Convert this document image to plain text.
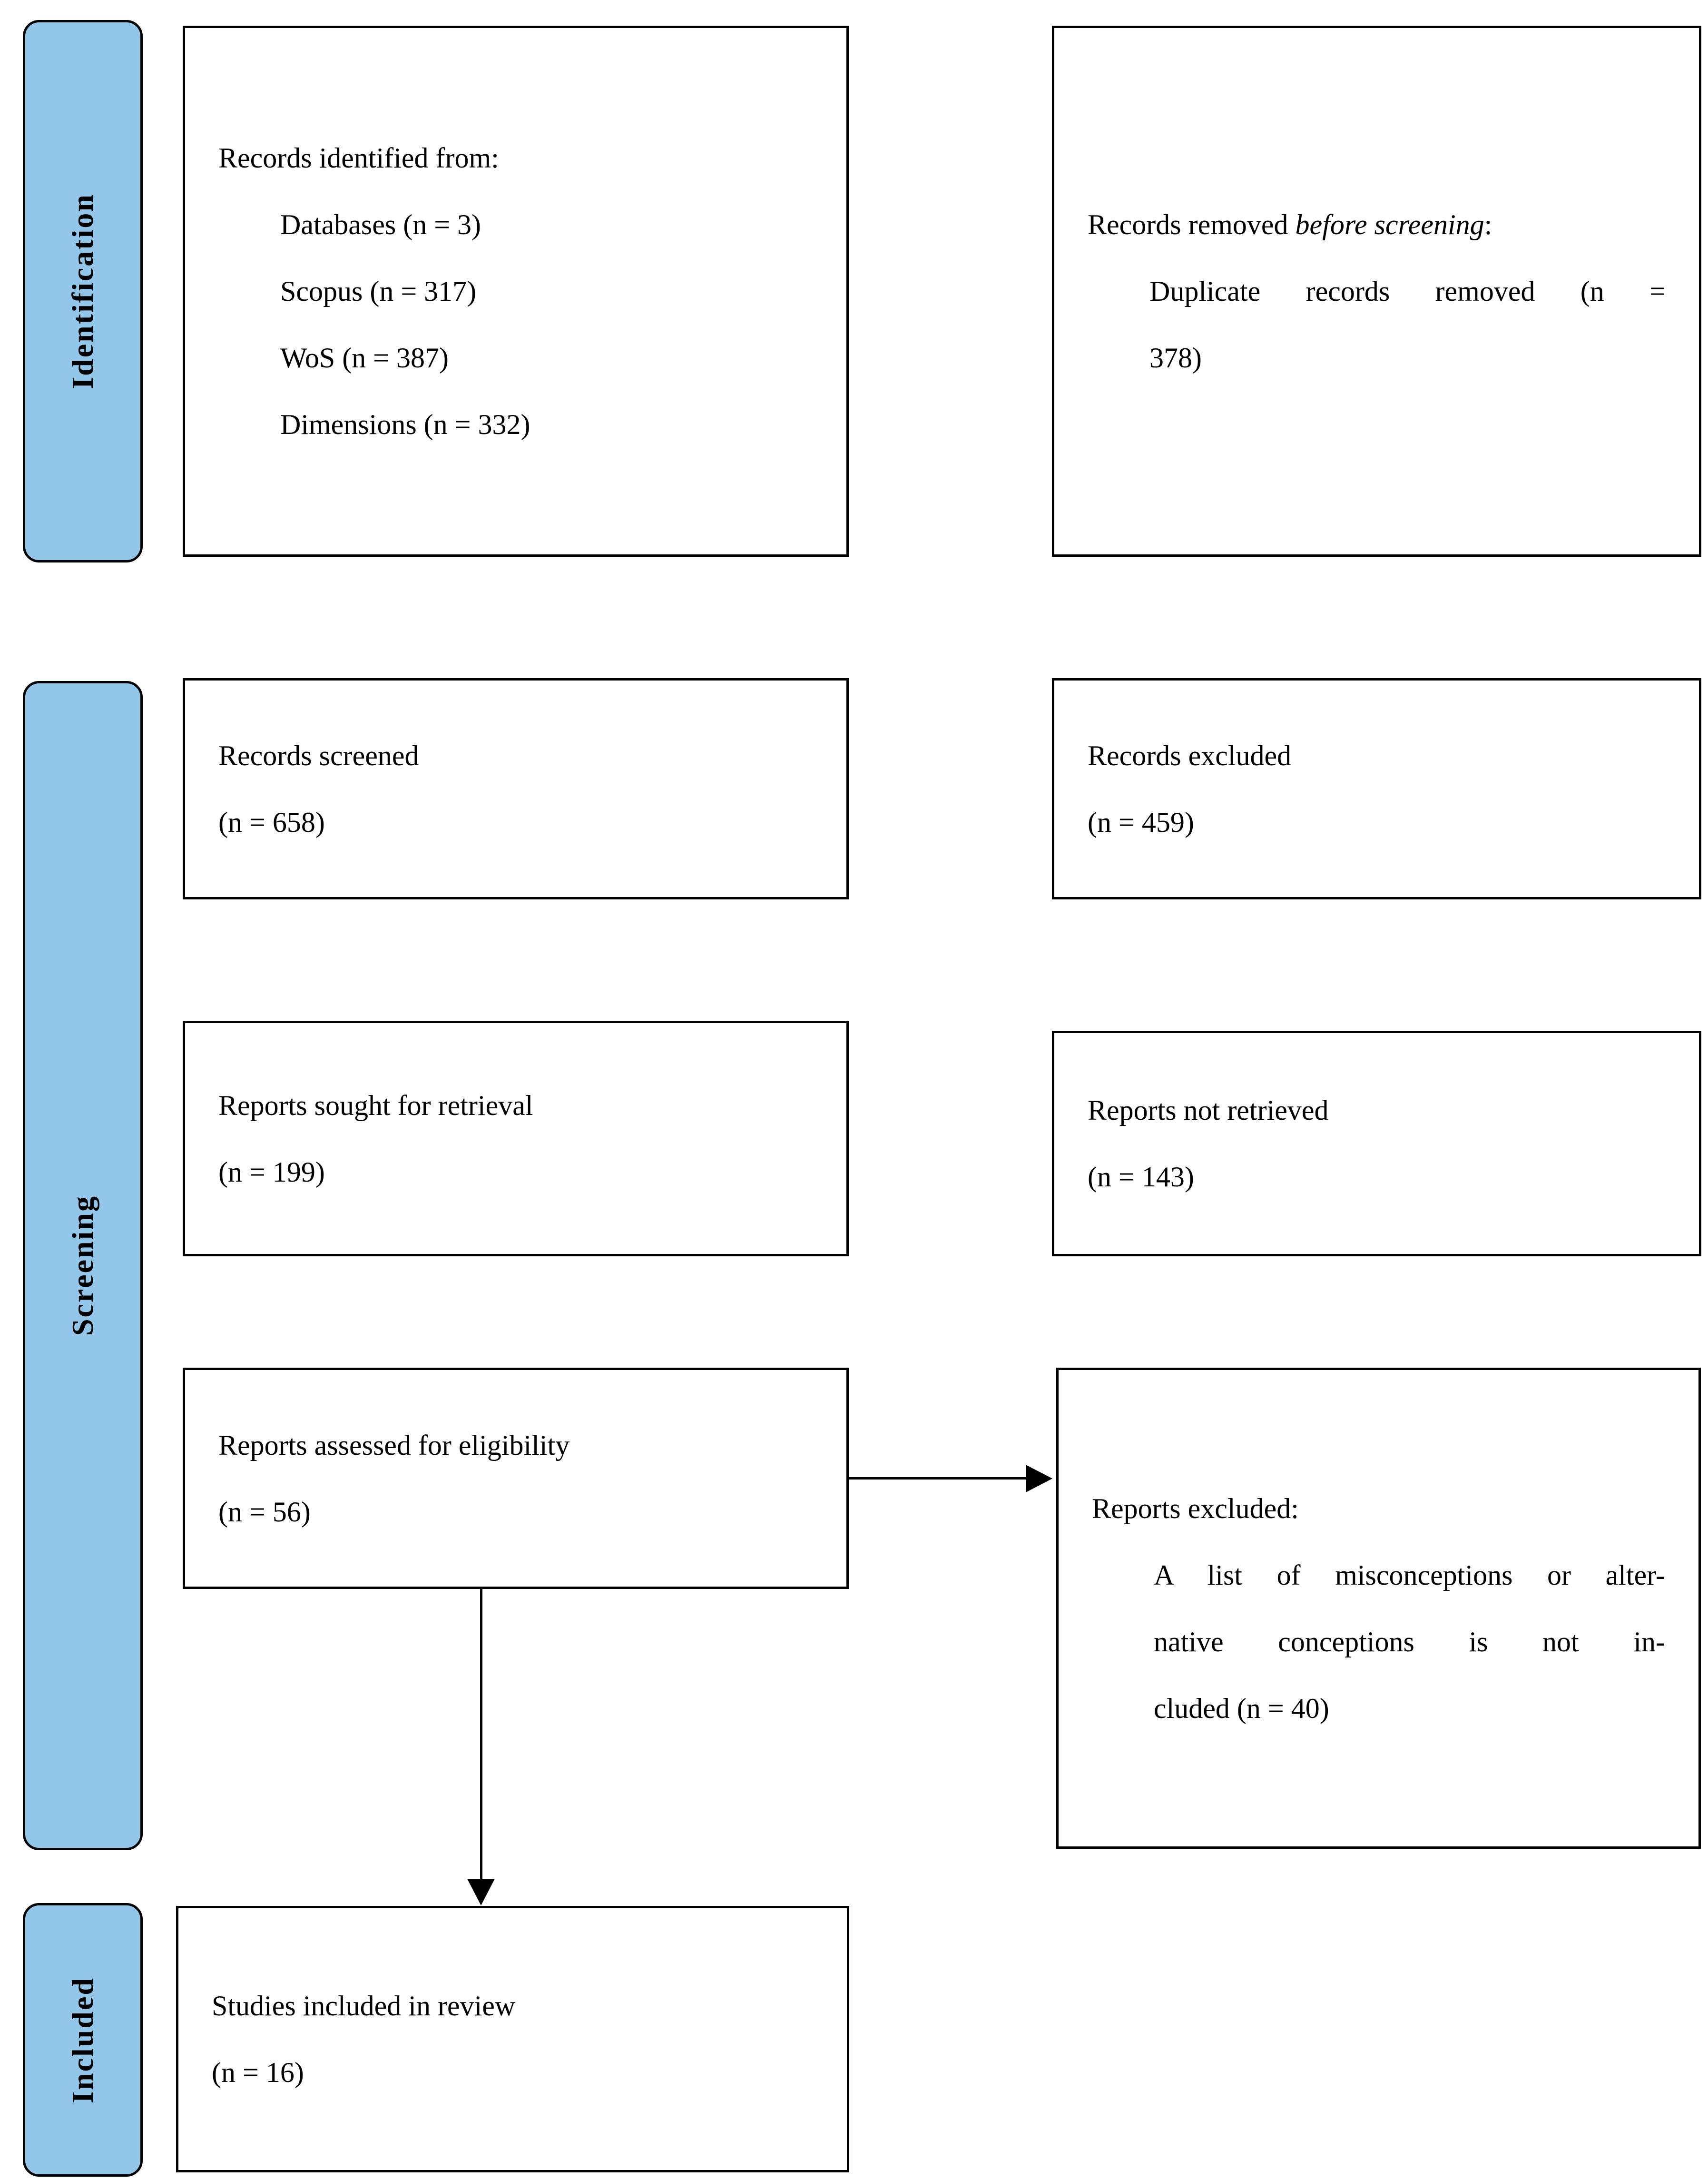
Identification
Screening
Included
Records identified from:
Databases (n = 3)
Scopus (n = 317)
WoS (n = 387)
Dimensions (n = 332)
Records removed before screening:
Duplicate records removed (n =
378)
Records screened
(n = 658)
Records excluded
(n = 459)
Reports sought for retrieval
(n = 199)
Reports not retrieved
(n = 143)
Reports assessed for eligibility
(n = 56)	Reports excluded:
A list of misconceptions or alter-
native conceptions is not in-
cluded (n = 40)
Studies included in review
(n = 16)
